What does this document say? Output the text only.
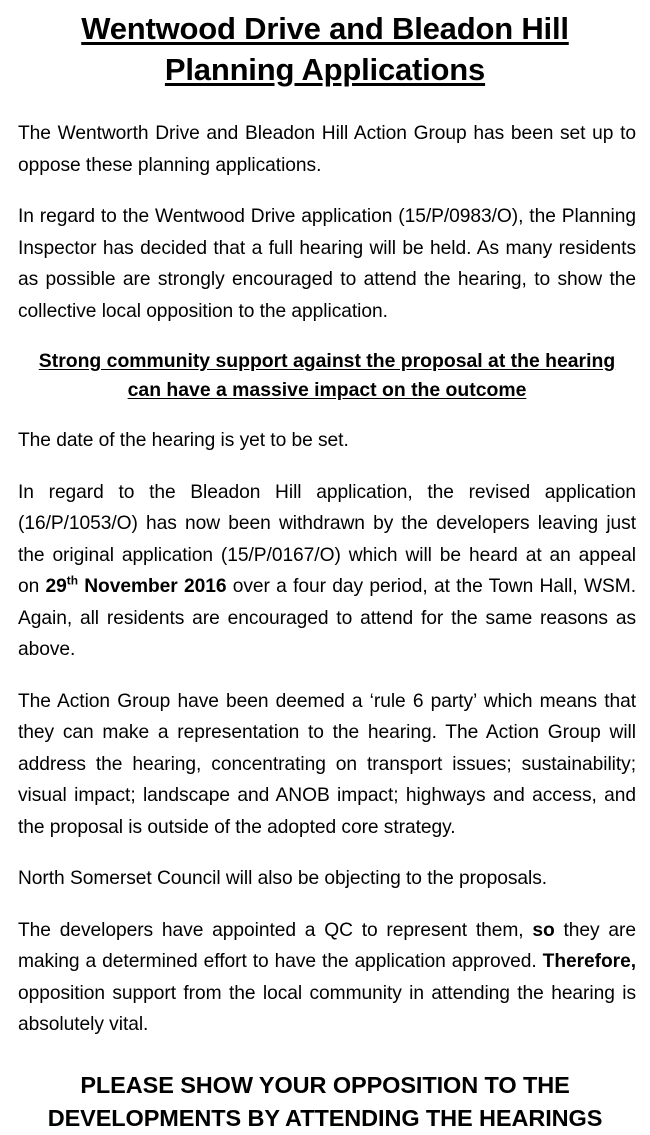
Wentwood Drive and Bleadon Hill
Planning Applications

The Wentworth Drive and Bleadon Hill Action Group has been set up to oppose these planning applications.

In regard to the Wentwood Drive application (15/P/0983/O), the Planning Inspector has decided that a full hearing will be held. As many residents as possible are strongly encouraged to attend the hearing, to show the collective local opposition to the application.

Strong community support against the proposal at the hearing
can have a massive impact on the outcome

The date of the hearing is yet to be set.

In regard to the Bleadon Hill application, the revised application (16/P/1053/O) has now been withdrawn by the developers leaving just the original application (15/P/0167/O) which will be heard at an appeal on 29th November 2016 over a four day period, at the Town Hall, WSM. Again, all residents are encouraged to attend for the same reasons as above.

The Action Group have been deemed a ‘rule 6 party’ which means that they can make a representation to the hearing. The Action Group will address the hearing, concentrating on transport issues; sustainability; visual impact; landscape and ANOB impact; highways and access, and the proposal is outside of the adopted core strategy.

North Somerset Council will also be objecting to the proposals.

The developers have appointed a QC to represent them, so they are making a determined effort to have the application approved. Therefore, opposition support from the local community in attending the hearing is absolutely vital.

PLEASE SHOW YOUR OPPOSITION TO THE
DEVELOPMENTS BY ATTENDING THE HEARINGS
